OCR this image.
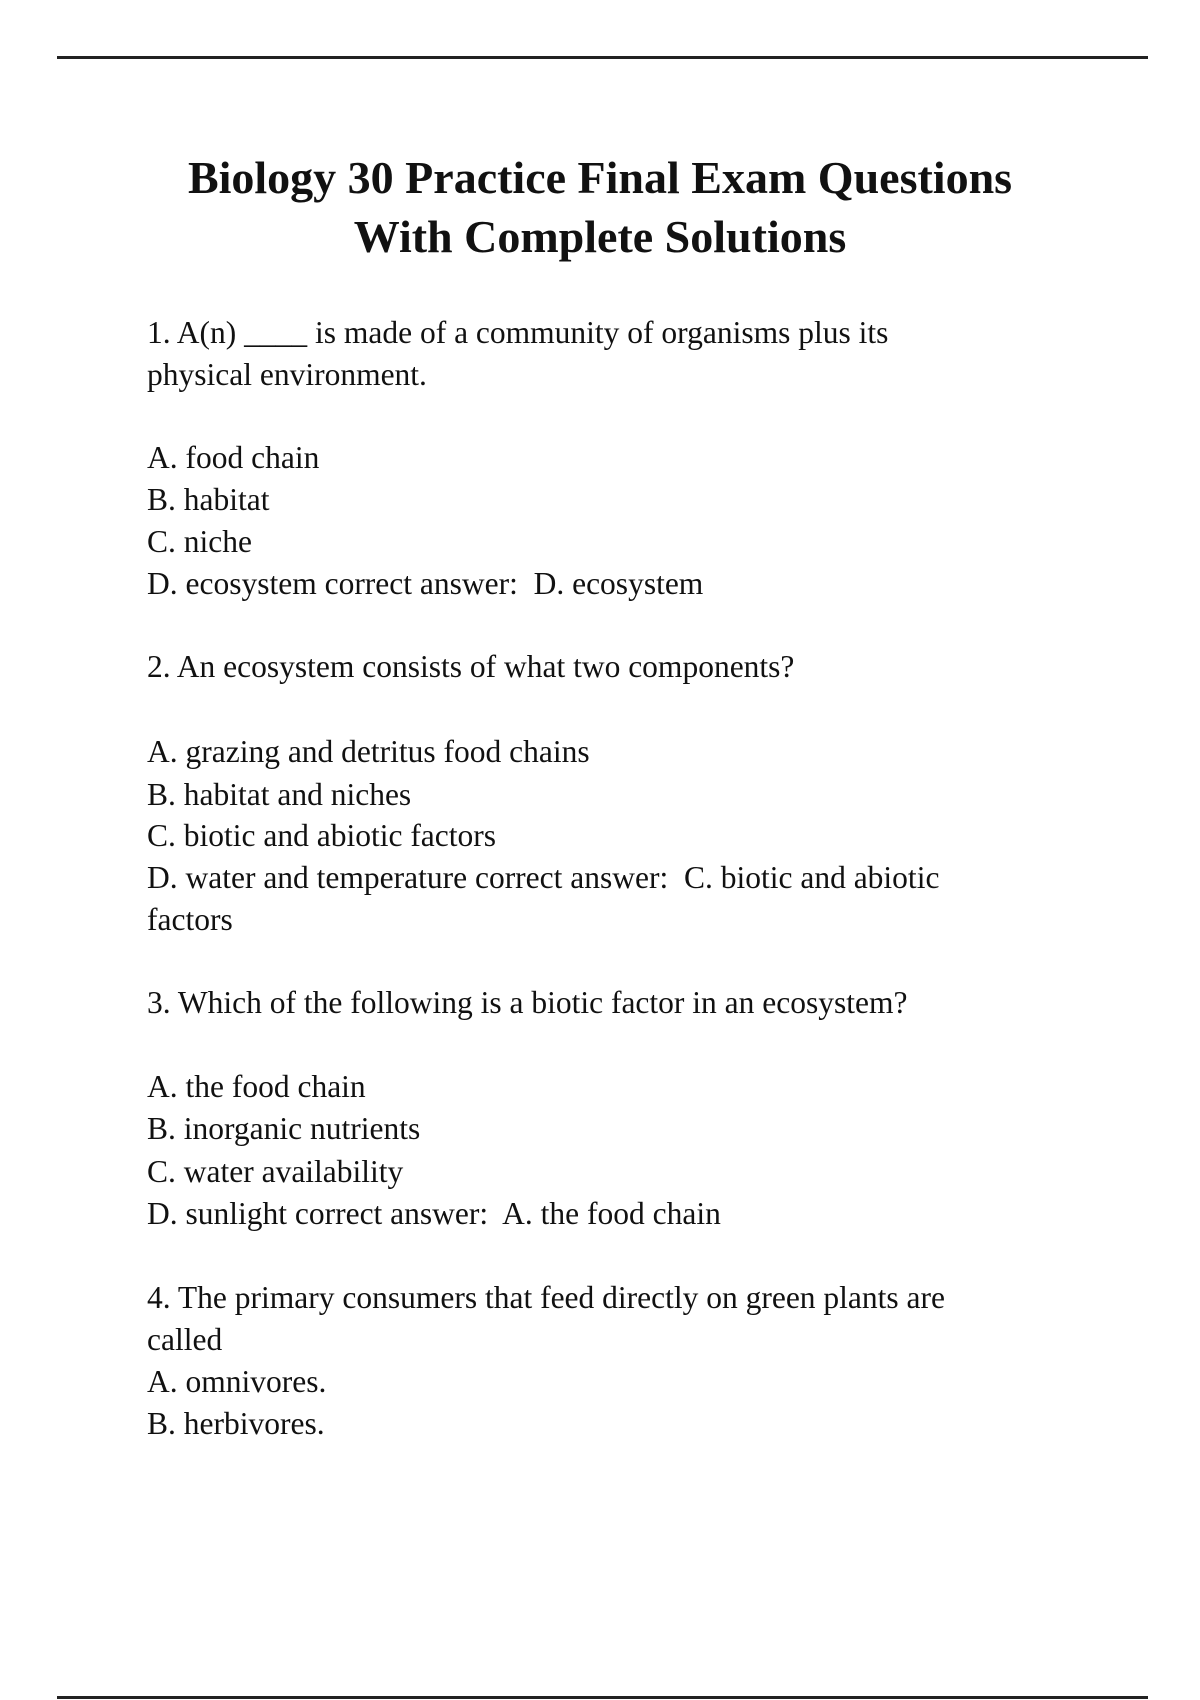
Biology 30 Practice Final Exam Questions
With Complete Solutions
1. A(n) ____ is made of a community of organisms plus its
physical environment.
A. food chain
B. habitat
C. niche
D. ecosystem correct answer:  D. ecosystem
2. An ecosystem consists of what two components?
A. grazing and detritus food chains
B. habitat and niches
C. biotic and abiotic factors
D. water and temperature correct answer:  C. biotic and abiotic
factors
3. Which of the following is a biotic factor in an ecosystem?
A. the food chain
B. inorganic nutrients
C. water availability
D. sunlight correct answer:  A. the food chain
4. The primary consumers that feed directly on green plants are
called
A. omnivores.
B. herbivores.
